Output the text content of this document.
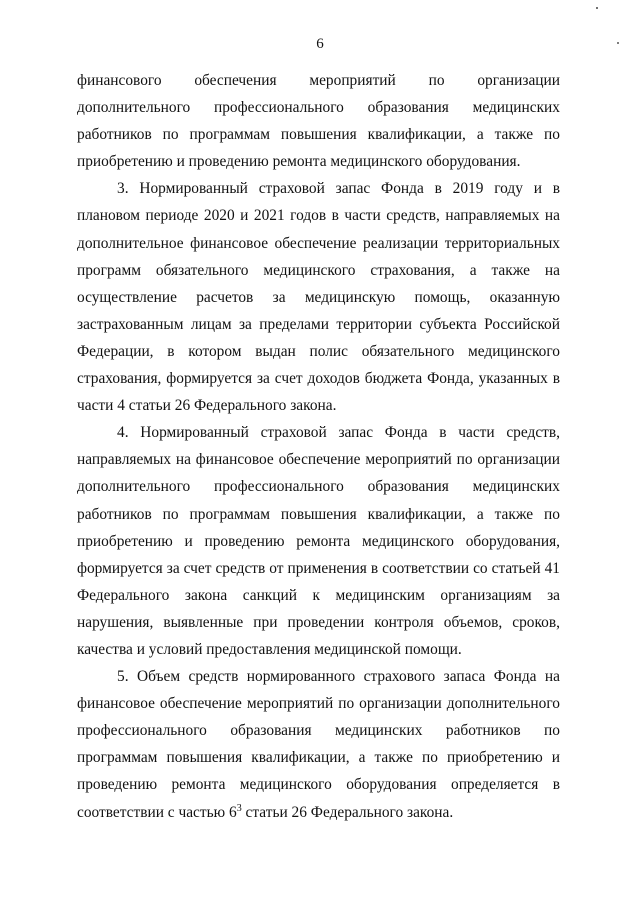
6

финансового обеспечения мероприятий по организации дополнительного профессионального образования медицинских работников по программам повышения квалификации, а также по приобретению и проведению ремонта медицинского оборудования.

3. Нормированный страховой запас Фонда в 2019 году и в плановом периоде 2020 и 2021 годов в части средств, направляемых на дополнительное финансовое обеспечение реализации территориальных программ обязательного медицинского страхования, а также на осуществление расчетов за медицинскую помощь, оказанную застрахованным лицам за пределами территории субъекта Российской Федерации, в котором выдан полис обязательного медицинского страхования, формируется за счет доходов бюджета Фонда, указанных в части 4 статьи 26 Федерального закона.

4. Нормированный страховой запас Фонда в части средств, направляемых на финансовое обеспечение мероприятий по организации дополнительного профессионального образования медицинских работников по программам повышения квалификации, а также по приобретению и проведению ремонта медицинского оборудования, формируется за счет средств от применения в соответствии со статьей 41 Федерального закона санкций к медицинским организациям за нарушения, выявленные при проведении контроля объемов, сроков, качества и условий предоставления медицинской помощи.

5. Объем средств нормированного страхового запаса Фонда на финансовое обеспечение мероприятий по организации дополнительного профессионального образования медицинских работников по программам повышения квалификации, а также по приобретению и проведению ремонта медицинского оборудования определяется в соответствии с частью $6^3$ статьи 26 Федерального закона.
